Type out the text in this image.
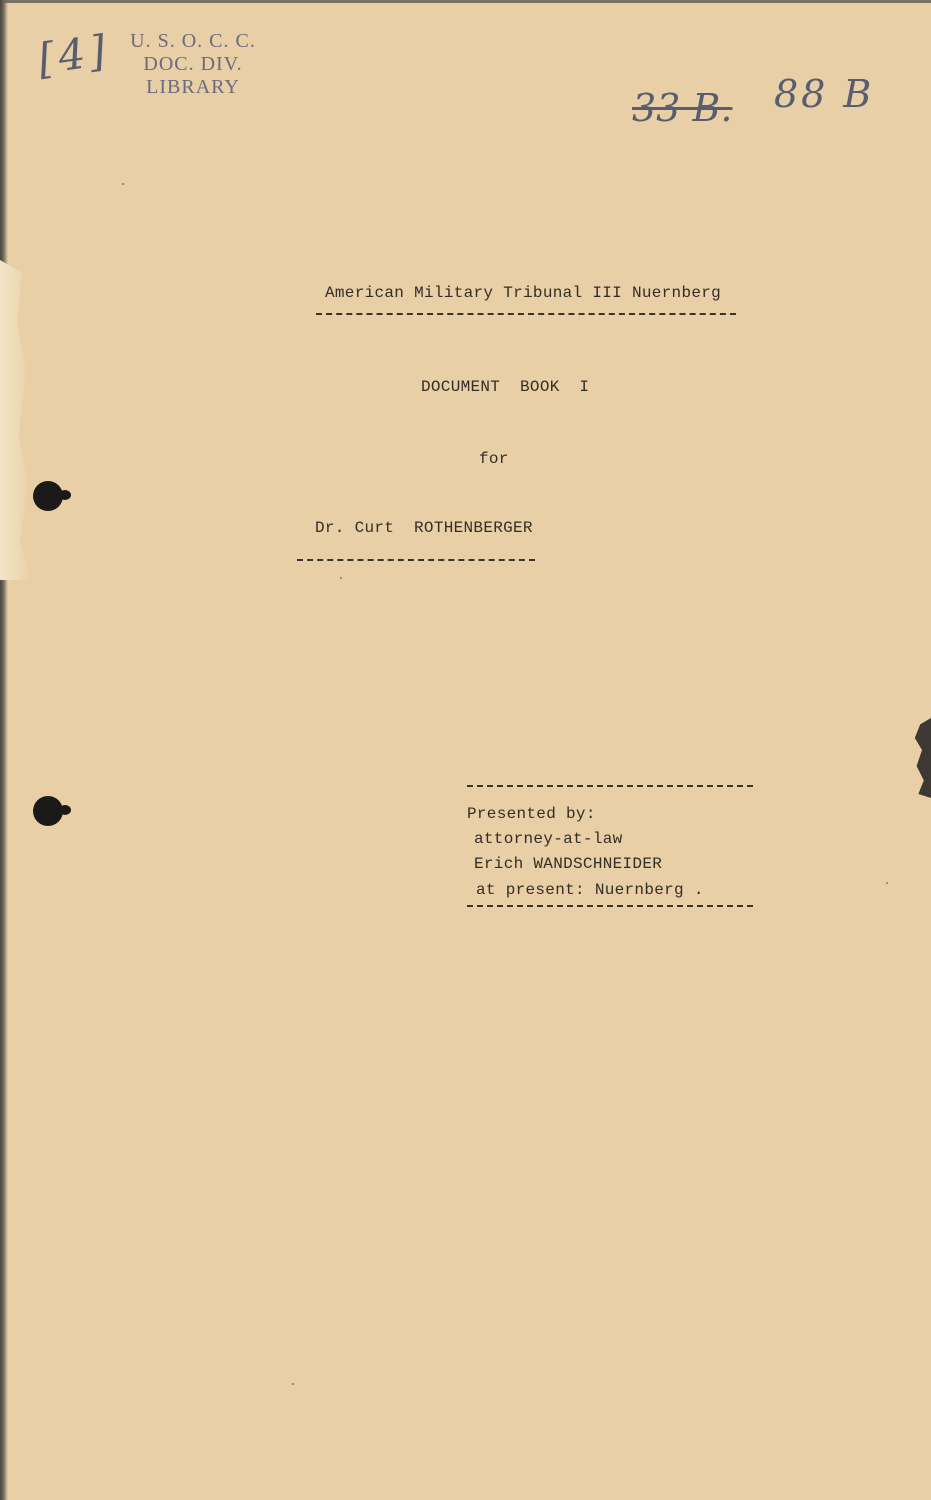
U. S. O. C. C.
DOC. DIV.
LIBRARY
[4]
33 B. 88 B
American Military Tribunal III Nuernberg
DOCUMENT  BOOK  I
for
Dr. Curt  ROTHENBERGER
Presented by:
attorney-at-law
Erich WANDSCHNEIDER
at present: Nuernberg .
